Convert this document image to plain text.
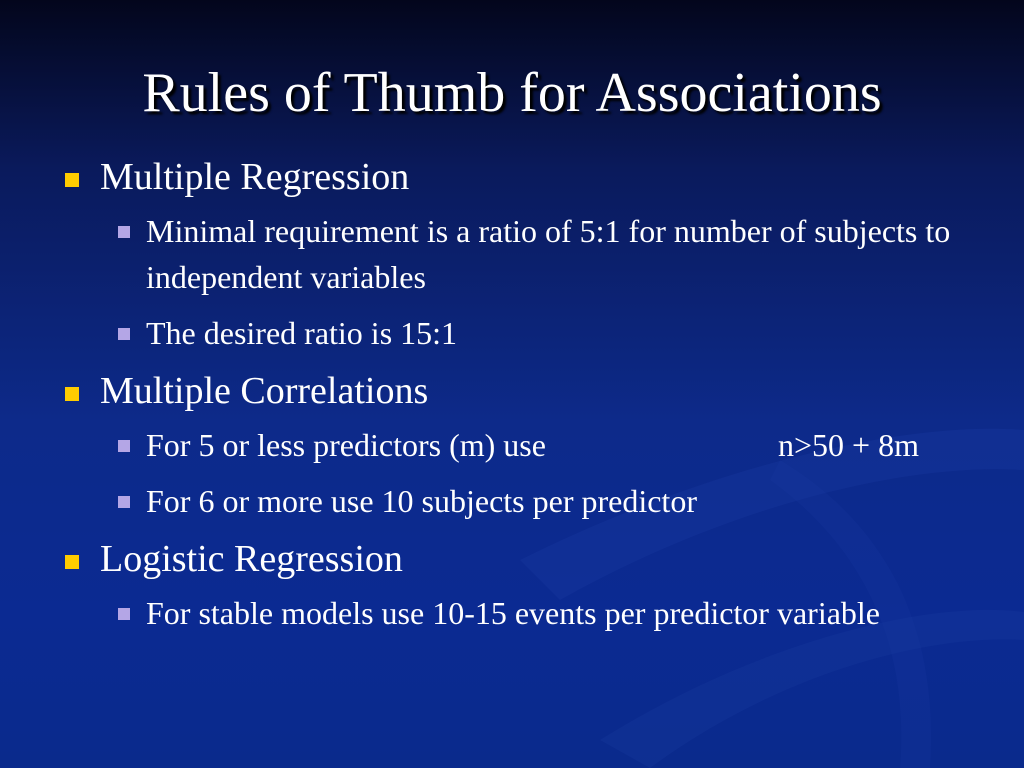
Rules of Thumb for Associations
Multiple Regression
Minimal requirement is a ratio of 5:1 for number of subjects to independent variables
The desired ratio is 15:1
Multiple Correlations
For 5 or less predictors (m) use	n>50 + 8m
For 6 or more use 10 subjects per predictor
Logistic Regression
For stable models use 10-15 events per predictor variable
